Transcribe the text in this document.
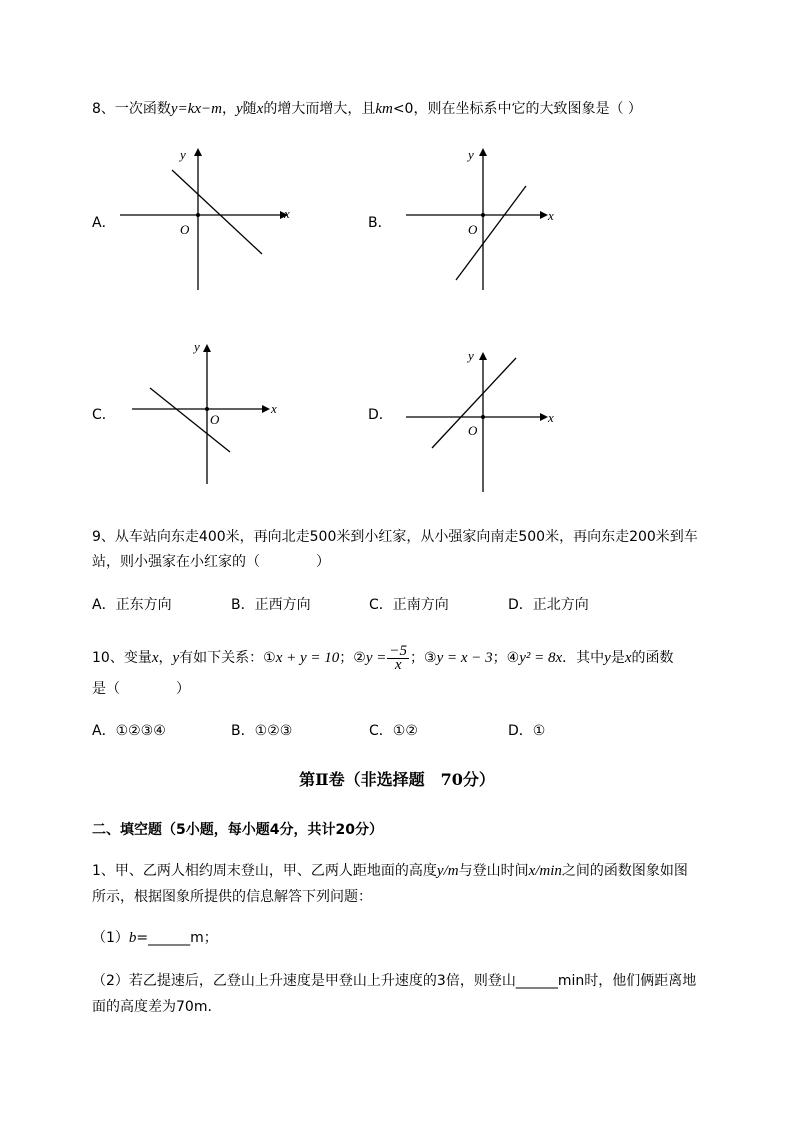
8、一次函数y=kx−m，y随x的增大而增大，且km<0，则在坐标系中它的大致图象是（ ）
A．
y
x
O	B．
y
x
O
C．
y
x
O	D．
y
x
O
9、从车站向东走400米，再向北走500米到小红家，从小强家向南走500米，再向东走200米到车
站，则小强家在小红家的（　　　　）
A．正东方向	B．正西方向	C．正南方向	D．正北方向
10、变量x，y有如下关系：①x + y = 10；②y = $\frac{-5}{x}$ ；③y = x − 3；④y² = 8x．其中y是x的函数
是（　　　　）
A．①②③④	B．①②③	C．①②	D．①
第Ⅱ卷（非选择题　70分）
二、填空题（5小题，每小题4分，共计20分）
1、甲、乙两人相约周末登山，甲、乙两人距地面的高度y/m与登山时间x/min之间的函数图象如图
所示，根据图象所提供的信息解答下列问题：
（1）b=______m；
（2）若乙提速后，乙登山上升速度是甲登山上升速度的3倍，则登山______min时，他们俩距离地
面的高度差为70m.
